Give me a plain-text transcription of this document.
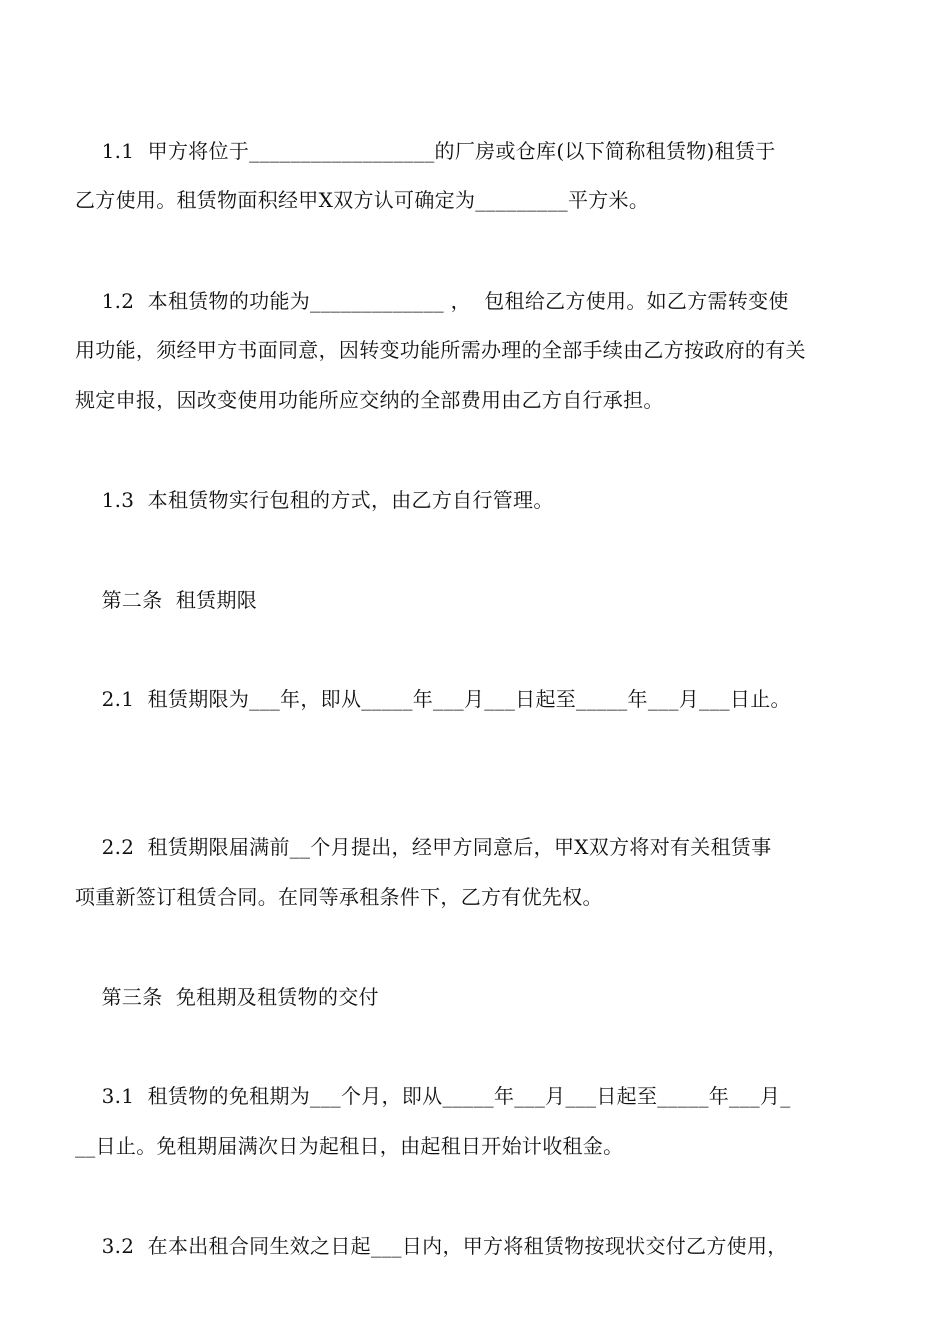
1.1  甲方将位于__________________的厂房或仓库(以下简称租赁物)租赁于
乙方使用。租赁物面积经甲X双方认可确定为_________平方米。
1.2  本租赁物的功能为_____________ ，  包租给乙方使用。如乙方需转变使
用功能，须经甲方书面同意，因转变功能所需办理的全部手续由乙方按政府的有关
规定申报，因改变使用功能所应交纳的全部费用由乙方自行承担。
1.3  本租赁物实行包租的方式，由乙方自行管理。
第二条  租赁期限
2.1  租赁期限为___年，即从_____年___月___日起至_____年___月___日止。
2.2  租赁期限届满前__个月提出，经甲方同意后，甲X双方将对有关租赁事
项重新签订租赁合同。在同等承租条件下，乙方有优先权。
第三条  免租期及租赁物的交付
3.1  租赁物的免租期为___个月，即从_____年___月___日起至_____年___月_
__日止。免租期届满次日为起租日，由起租日开始计收租金。
3.2  在本出租合同生效之日起___日内，甲方将租赁物按现状交付乙方使用，
